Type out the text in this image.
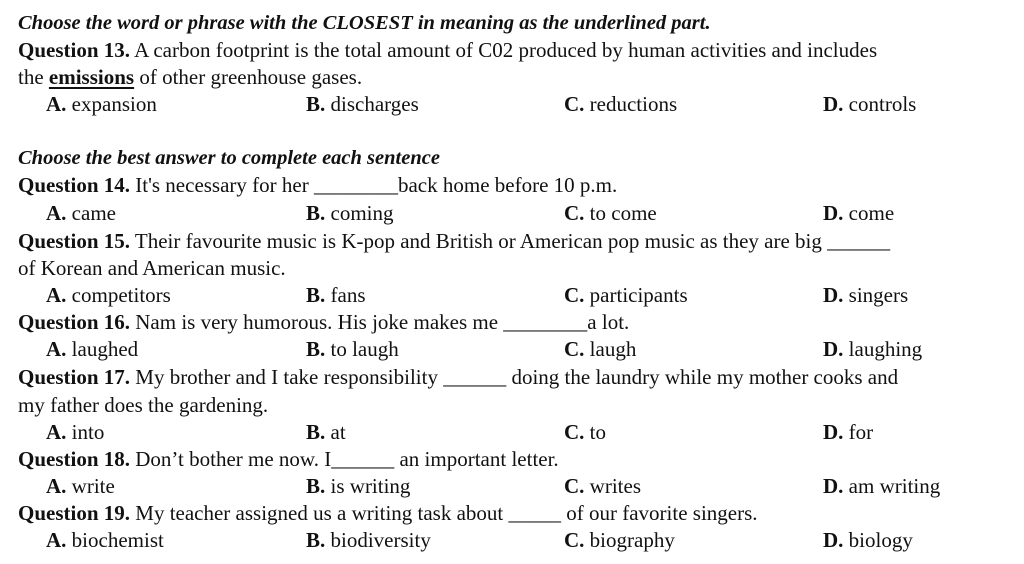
Choose the word or phrase with the CLOSEST in meaning as the underlined part.
Question 13. A carbon footprint is the total amount of C02 produced by human activities and includes
the emissions of other greenhouse gases.
A. expansion	B. discharges	C. reductions	D. controls
Choose the best answer to complete each sentence
Question 14. It's necessary for her ________back home before 10 p.m.
A. came	B. coming	C. to come	D. come
Question 15. Their favourite music is K-pop and British or American pop music as they are big ______
of Korean and American music.
A. competitors	B. fans	C. participants	D. singers
Question 16. Nam is very humorous. His joke makes me ________a lot.
A. laughed	B. to laugh	C. laugh	D. laughing
Question 17. My brother and I take responsibility ______ doing the laundry while my mother cooks and
my father does the gardening.
A. into	B. at	C. to	D. for
Question 18. Don’t bother me now. I______ an important letter.
A. write	B. is writing	C. writes	D. am writing
Question 19. My teacher assigned us a writing task about _____ of our favorite singers.
A. biochemist	B. biodiversity	C. biography	D. biology
